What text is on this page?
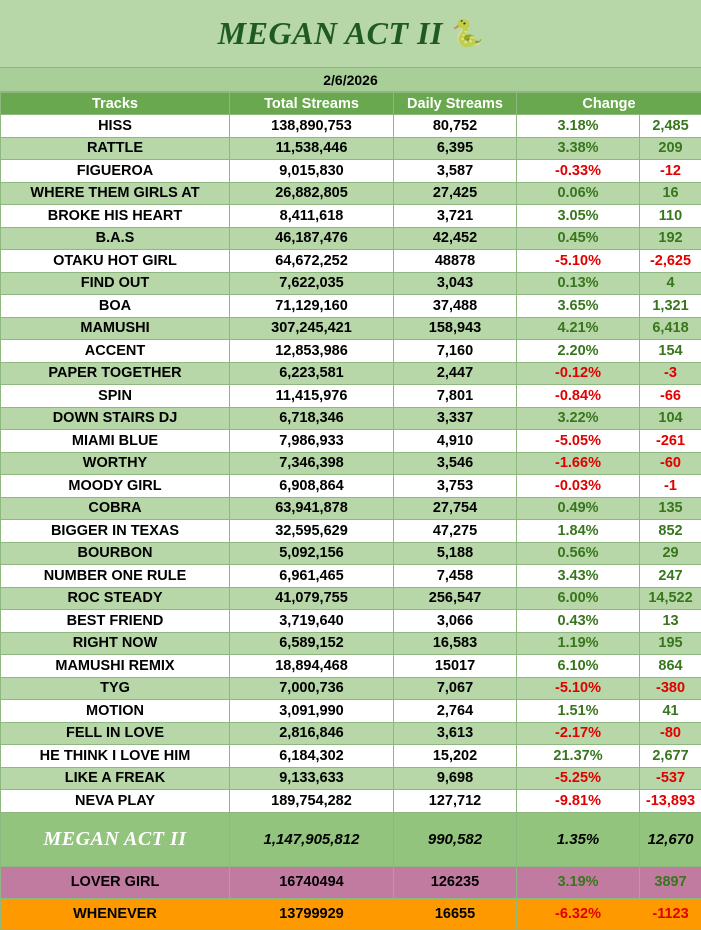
MEGAN ACT II 🐍
2/6/2026
Tracks	Total Streams	Daily Streams	Change	
HISS	138,890,753	80,752	3.18%	2,485
RATTLE	11,538,446	6,395	3.38%	209
FIGUEROA	9,015,830	3,587	-0.33%	-12
WHERE THEM GIRLS AT	26,882,805	27,425	0.06%	16
BROKE HIS HEART	8,411,618	3,721	3.05%	110
B.A.S	46,187,476	42,452	0.45%	192
OTAKU HOT GIRL	64,672,252	48878	-5.10%	-2,625
FIND OUT	7,622,035	3,043	0.13%	4
BOA	71,129,160	37,488	3.65%	1,321
MAMUSHI	307,245,421	158,943	4.21%	6,418
ACCENT	12,853,986	7,160	2.20%	154
PAPER TOGETHER	6,223,581	2,447	-0.12%	-3
SPIN	11,415,976	7,801	-0.84%	-66
DOWN STAIRS DJ	6,718,346	3,337	3.22%	104
MIAMI BLUE	7,986,933	4,910	-5.05%	-261
WORTHY	7,346,398	3,546	-1.66%	-60
MOODY GIRL	6,908,864	3,753	-0.03%	-1
COBRA	63,941,878	27,754	0.49%	135
BIGGER IN TEXAS	32,595,629	47,275	1.84%	852
BOURBON	5,092,156	5,188	0.56%	29
NUMBER ONE RULE	6,961,465	7,458	3.43%	247
ROC STEADY	41,079,755	256,547	6.00%	14,522
BEST FRIEND	3,719,640	3,066	0.43%	13
RIGHT NOW	6,589,152	16,583	1.19%	195
MAMUSHI REMIX	18,894,468	15017	6.10%	864
TYG	7,000,736	7,067	-5.10%	-380
MOTION	3,091,990	2,764	1.51%	41
FELL IN LOVE	2,816,846	3,613	-2.17%	-80
HE THINK I LOVE HIM	6,184,302	15,202	21.37%	2,677
LIKE A FREAK	9,133,633	9,698	-5.25%	-537
NEVA PLAY	189,754,282	127,712	-9.81%	-13,893
MEGAN ACT II	1,147,905,812	990,582	1.35%	12,670
LOVER GIRL	16740494	126235	3.19%	3897
WHENEVER	13799929	16655	-6.32%	-1123
